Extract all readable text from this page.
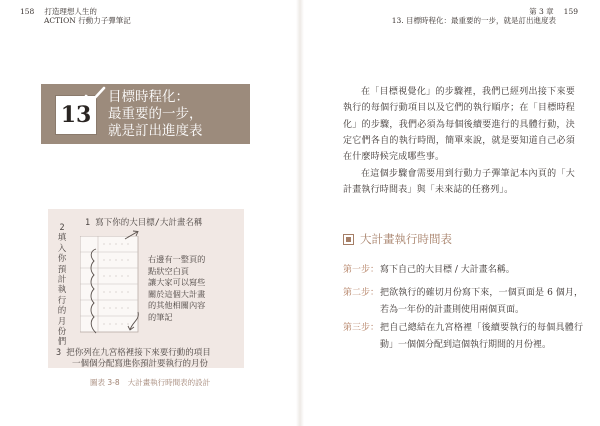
158 打造理想人生的
ACTION 行動力子彈筆記
第 3 章 159
13. 目標時程化：最重要的一步，就是訂出進度表
13
目標時程化：
最重要的一步，
就是訂出進度表
1 寫下你的大目標/大計畫名稱
2填入你預計執行的月份們
右邊有一整頁的
點狀空白頁
讓大家可以寫些
關於這個大計畫
的其他相關內容
的筆記
3 把你列在九宮格裡接下來要行動的項目
一個個分配寫進你預計要執行的月份
圖表 3-8 大計畫執行時間表的設計

在「目標視覺化」的步驟裡，我們已經列出接下來要執行的每個行動項目以及它們的執行順序；在「目標時程化」的步驟，我們必須為每個後續要進行的具體行動，決定它們各自的執行時間，簡單來說，就是要知道自己必須在什麼時候完成哪些事。

在這個步驟會需要用到行動力子彈筆記本內頁的「大計畫執行時間表」與「未來誌的任務列」。

大計畫執行時間表
第一步： 寫下自己的大目標 / 大計畫名稱。
第二步： 把欲執行的確切月份寫下來，一個頁面是 6 個月，若為一年份的計畫則使用兩個頁面。
第三步： 把自己總結在九宮格裡「後續要執行的每個具體行動」一個個分配到這個執行期間的月份裡。
